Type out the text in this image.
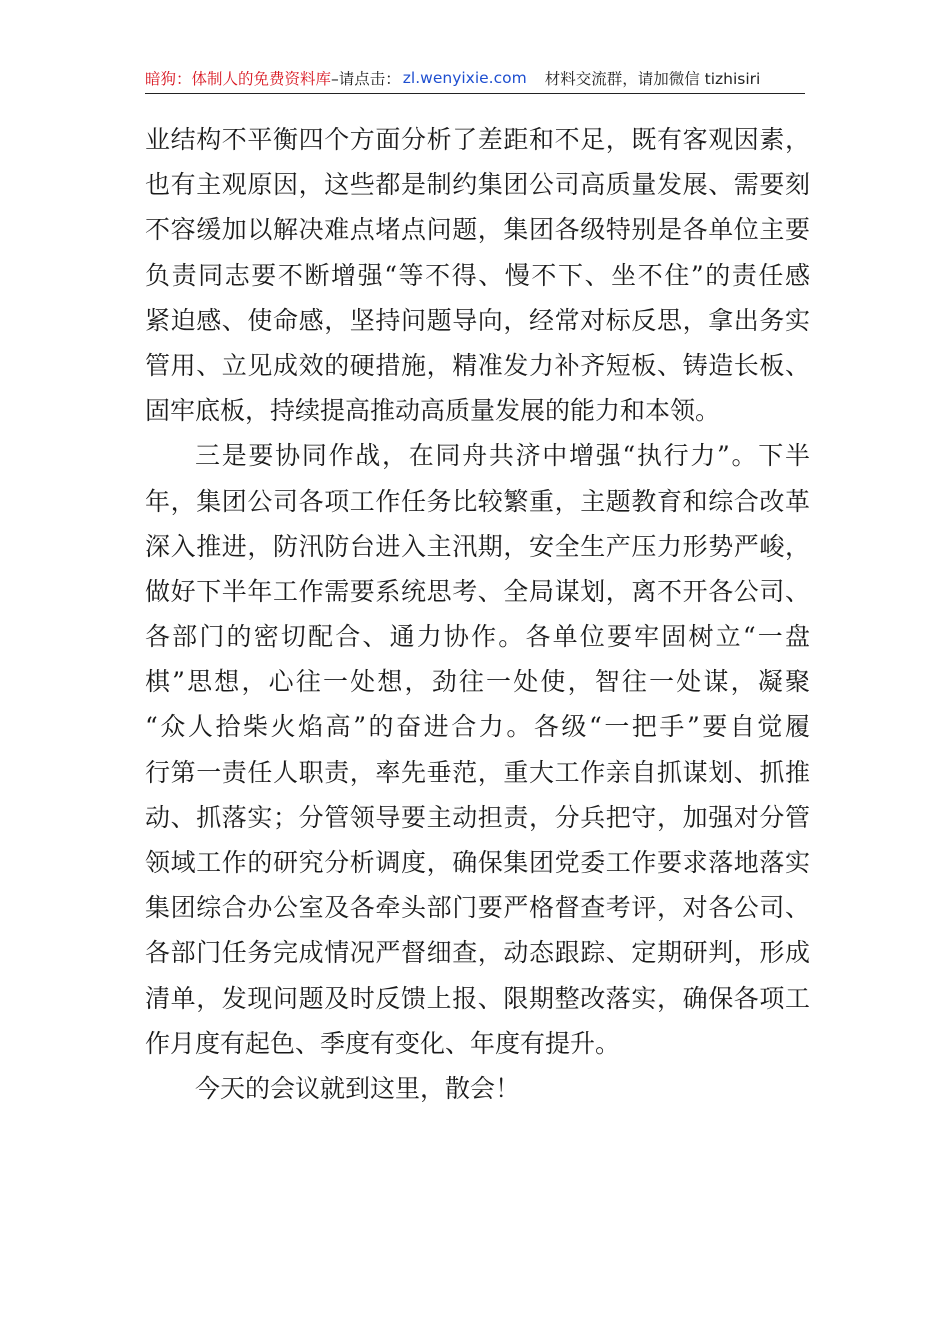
暗狗：体制人的免费资料库 –请点击： zl.wenyixie.com 材料交流群，请加微信 tizhisiri
业结构不平衡四个方面分析了差距和不足，既有客观因素，
也有主观原因，这些都是制约集团公司高质量发展、需要刻
不容缓加以解决难点堵点问题，集团各级特别是各单位主要
负责同志要不断增强“等不得、慢不下、坐不住”的责任感
紧迫感、使命感，坚持问题导向，经常对标反思，拿出务实
管用、立见成效的硬措施，精准发力补齐短板、铸造长板、
固牢底板，持续提高推动高质量发展的能力和本领。
三是要协同作战，在同舟共济中增强“执行力”。下半
年，集团公司各项工作任务比较繁重，主题教育和综合改革
深入推进，防汛防台进入主汛期，安全生产压力形势严峻，
做好下半年工作需要系统思考、全局谋划，离不开各公司、
各部门的密切配合、通力协作。各单位要牢固树立“一盘
棋”思想，心往一处想，劲往一处使，智往一处谋，凝聚
“众人拾柴火焰高”的奋进合力。各级“一把手”要自觉履
行第一责任人职责，率先垂范，重大工作亲自抓谋划、抓推
动、抓落实；分管领导要主动担责，分兵把守，加强对分管
领域工作的研究分析调度，确保集团党委工作要求落地落实
集团综合办公室及各牵头部门要严格督查考评，对各公司、
各部门任务完成情况严督细查，动态跟踪、定期研判，形成
清单，发现问题及时反馈上报、限期整改落实，确保各项工
作月度有起色、季度有变化、年度有提升。
今天的会议就到这里，散会！
